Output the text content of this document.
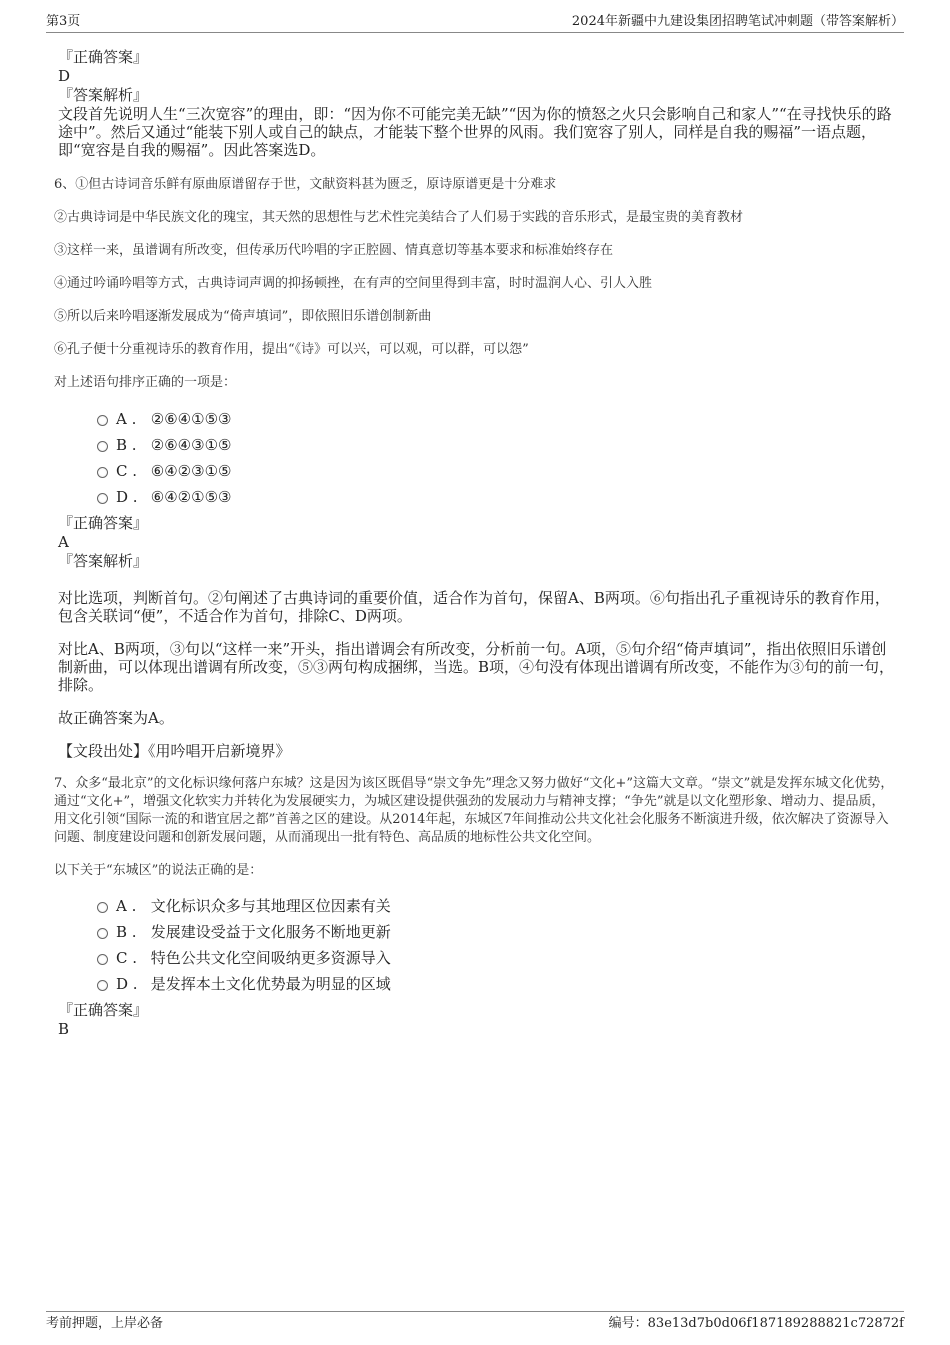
第3页	2024年新疆中九建设集团招聘笔试冲刺题（带答案解析）
『正确答案』
D
『答案解析』

文段首先说明人生“三次宽容”的理由，即：“因为你不可能完美无缺”“因为你的愤怒之火只会影响自己和家人”“在寻找快乐的路途中”。然后又通过“能装下别人或自己的缺点，才能装下整个世界的风雨。我们宽容了别人，同样是自我的赐福”一语点题，即“宽容是自我的赐福”。因此答案选D。

6、①但古诗词音乐鲜有原曲原谱留存于世，文献资料甚为匮乏，原诗原谱更是十分难求

②古典诗词是中华民族文化的瑰宝，其天然的思想性与艺术性完美结合了人们易于实践的音乐形式，是最宝贵的美育教材

③这样一来，虽谱调有所改变，但传承历代吟唱的字正腔圆、情真意切等基本要求和标准始终存在

④通过吟诵吟唱等方式，古典诗词声调的抑扬顿挫，在有声的空间里得到丰富，时时温润人心、引人入胜

⑤所以后来吟唱逐渐发展成为“倚声填词”，即依照旧乐谱创制新曲

⑥孔子便十分重视诗乐的教育作用，提出“《诗》可以兴，可以观，可以群，可以怨”

对上述语句排序正确的一项是：

A . ②⑥④①⑤③
B . ②⑥④③①⑤
C . ⑥④②③①⑤
D . ⑥④②①⑤③
『正确答案』
A
『答案解析』

对比选项，判断首句。②句阐述了古典诗词的重要价值，适合作为首句，保留A、B两项。⑥句指出孔子重视诗乐的教育作用，包含关联词“便”，不适合作为首句，排除C、D两项。

对比A、B两项，③句以“这样一来”开头，指出谱调会有所改变，分析前一句。A项，⑤句介绍“倚声填词”，指出依照旧乐谱创制新曲，可以体现出谱调有所改变，⑤③两句构成捆绑，当选。B项，④句没有体现出谱调有所改变，不能作为③句的前一句，排除。

故正确答案为A。

【文段出处】《用吟唱开启新境界》

7、众多“最北京”的文化标识缘何落户东城？这是因为该区既倡导“崇文争先”理念又努力做好“文化+”这篇大文章。“崇文”就是发挥东城文化优势，通过“文化+”，增强文化软实力并转化为发展硬实力，为城区建设提供强劲的发展动力与精神支撑；“争先”就是以文化塑形象、增动力、提品质，用文化引领“国际一流的和谐宜居之都”首善之区的建设。从2014年起，东城区7年间推动公共文化社会化服务不断演进升级，依次解决了资源导入问题、制度建设问题和创新发展问题，从而涌现出一批有特色、高品质的地标性公共文化空间。

以下关于“东城区”的说法正确的是：

A . 文化标识众多与其地理区位因素有关
B . 发展建设受益于文化服务不断地更新
C . 特色公共文化空间吸纳更多资源导入
D . 是发挥本土文化优势最为明显的区域
『正确答案』
B
考前押题，上岸必备	编号：83e13d7b0d06f187189288821c72872f
